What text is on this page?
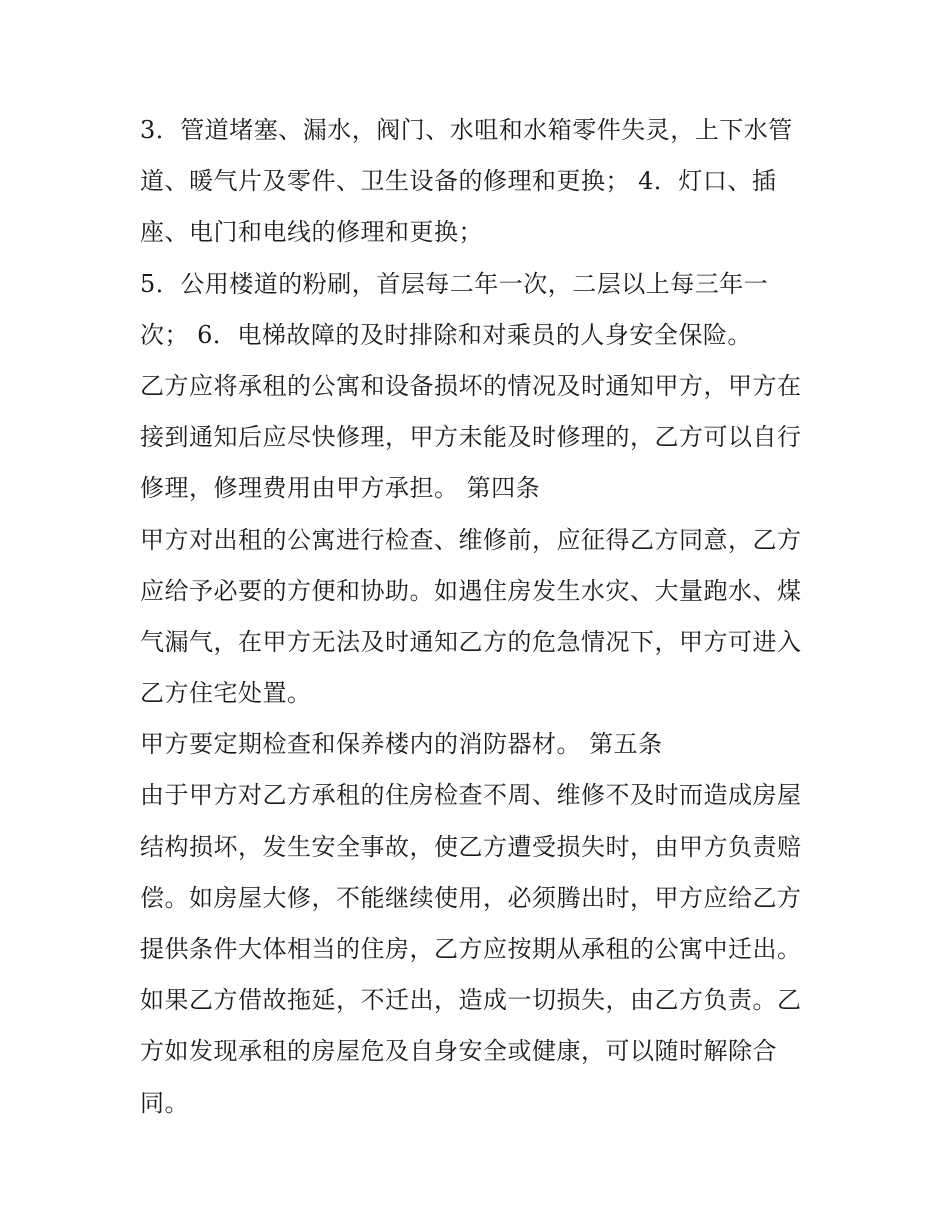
3．管道堵塞、漏水，阀门、水咀和水箱零件失灵，上下水管
道、暖气片及零件、卫生设备的修理和更换； 4．灯口、插
座、电门和电线的修理和更换；
5．公用楼道的粉刷，首层每二年一次，二层以上每三年一
次； 6．电梯故障的及时排除和对乘员的人身安全保险。
乙方应将承租的公寓和设备损坏的情况及时通知甲方，甲方在
接到通知后应尽快修理，甲方未能及时修理的，乙方可以自行
修理，修理费用由甲方承担。 第四条
甲方对出租的公寓进行检查、维修前，应征得乙方同意，乙方
应给予必要的方便和协助。如遇住房发生水灾、大量跑水、煤
气漏气，在甲方无法及时通知乙方的危急情况下，甲方可进入
乙方住宅处置。
甲方要定期检查和保养楼内的消防器材。 第五条
由于甲方对乙方承租的住房检查不周、维修不及时而造成房屋
结构损坏，发生安全事故，使乙方遭受损失时，由甲方负责赔
偿。如房屋大修，不能继续使用，必须腾出时，甲方应给乙方
提供条件大体相当的住房，乙方应按期从承租的公寓中迁出。
如果乙方借故拖延，不迁出，造成一切损失，由乙方负责。乙
方如发现承租的房屋危及自身安全或健康，可以随时解除合
同。
